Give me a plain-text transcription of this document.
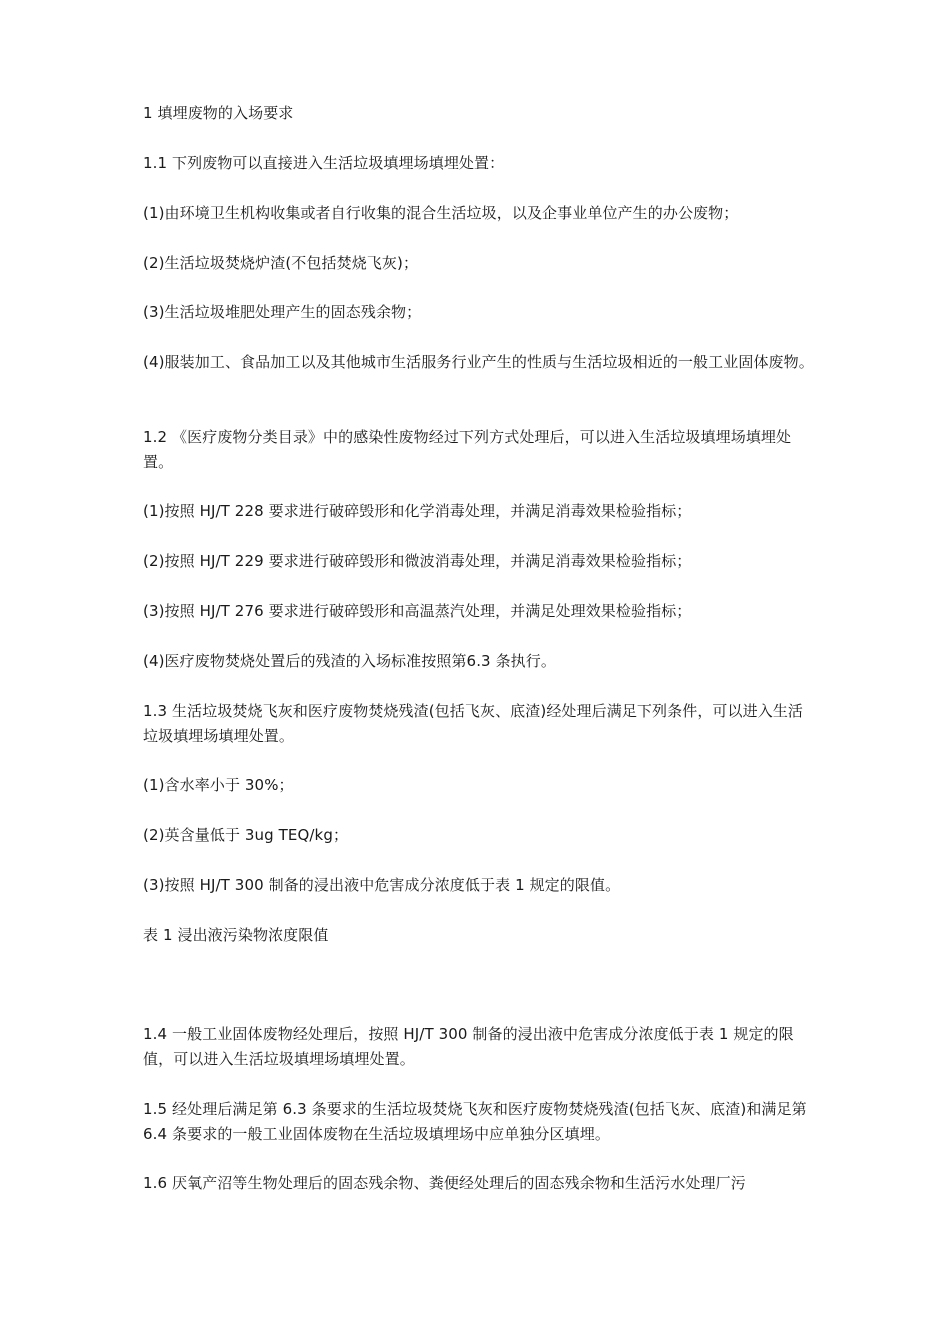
1 填埋废物的入场要求

1.1 下列废物可以直接进入生活垃圾填埋场填埋处置：

(1)由环境卫生机构收集或者自行收集的混合生活垃圾，以及企事业单位产生的办公废物；

(2)生活垃圾焚烧炉渣(不包括焚烧飞灰)；

(3)生活垃圾堆肥处理产生的固态残余物；

(4)服装加工、食品加工以及其他城市生活服务行业产生的性质与生活垃圾相近的一般工业固体废物。

1.2 《医疗废物分类目录》中的感染性废物经过下列方式处理后，可以进入生活垃圾填埋场填埋处置。

(1)按照 HJ/T 228 要求进行破碎毁形和化学消毒处理，并满足消毒效果检验指标；

(2)按照 HJ/T 229 要求进行破碎毁形和微波消毒处理，并满足消毒效果检验指标；

(3)按照 HJ/T 276 要求进行破碎毁形和高温蒸汽处理，并满足处理效果检验指标；

(4)医疗废物焚烧处置后的残渣的入场标准按照第6.3 条执行。

1.3 生活垃圾焚烧飞灰和医疗废物焚烧残渣(包括飞灰、底渣)经处理后满足下列条件，可以进入生活垃圾填埋场填埋处置。

(1)含水率小于 30%；

(2)英含量低于 3ug TEQ/kg；

(3)按照 HJ/T 300 制备的浸出液中危害成分浓度低于表 1 规定的限值。

表 1 浸出液污染物浓度限值

1.4 一般工业固体废物经处理后，按照 HJ/T 300 制备的浸出液中危害成分浓度低于表 1 规定的限值，可以进入生活垃圾填埋场填埋处置。

1.5 经处理后满足第 6.3 条要求的生活垃圾焚烧飞灰和医疗废物焚烧残渣(包括飞灰、底渣)和满足第 6.4 条要求的一般工业固体废物在生活垃圾填埋场中应单独分区填埋。

1.6 厌氧产沼等生物处理后的固态残余物、粪便经处理后的固态残余物和生活污水处理厂污
